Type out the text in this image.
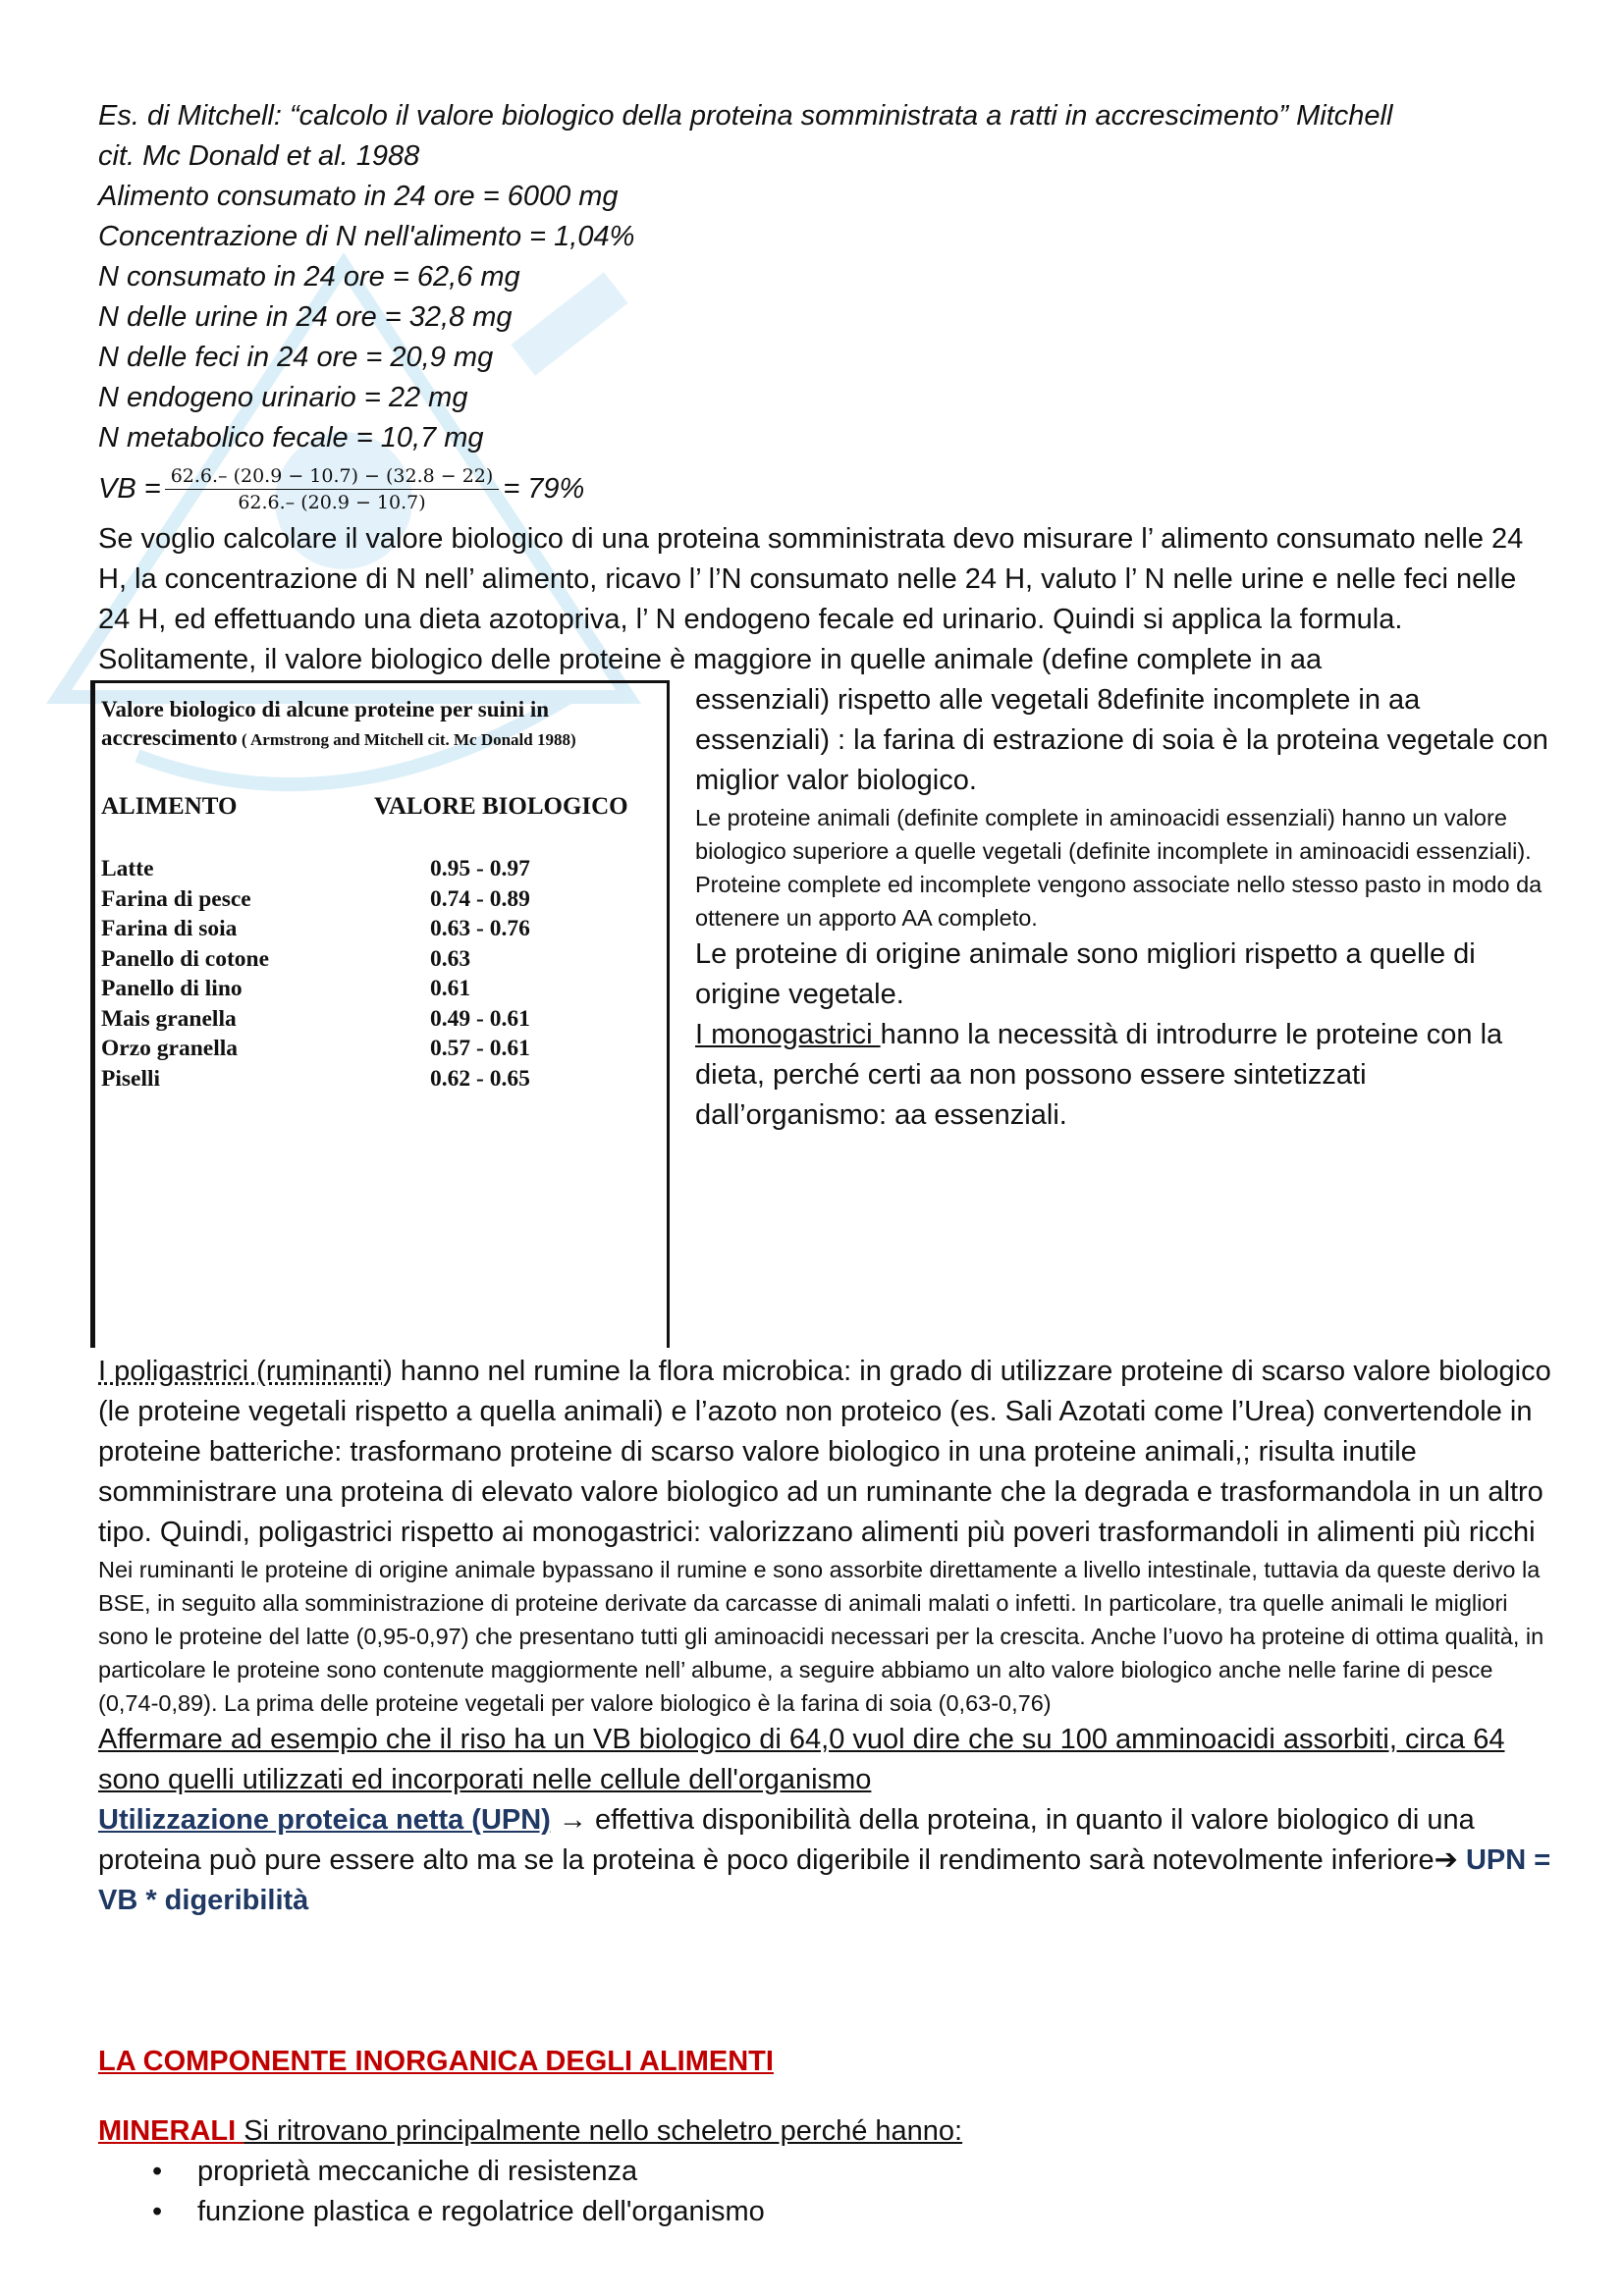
Es. di Mitchell: “calcolo il valore biologico della proteina somministrata a ratti in accrescimento” Mitchell
cit. Mc Donald et al. 1988
Alimento consumato in 24 ore = 6000 mg
Concentrazione di N nell'alimento = 1,04%
N consumato in 24 ore = 62,6 mg
N delle urine in 24 ore = 32,8 mg
N delle feci in 24 ore = 20,9 mg
N endogeno urinario = 22 mg
N metabolico fecale = 10,7 mg
VB = $\frac{62.6.- (20.9 - 10.7) - (32.8 - 22)}{62.6.- (20.9 - 10.7)} = 79\%$

Se voglio calcolare il valore biologico di una proteina somministrata devo misurare l’ alimento consumato nelle 24 H, la concentrazione di N nell’ alimento, ricavo l’ l’N consumato nelle 24 H, valuto l’ N nelle urine e nelle feci nelle 24 H, ed effettuando una dieta azotopriva, l’ N endogeno fecale ed urinario. Quindi si applica la formula.

Solitamente, il valore biologico delle proteine è maggiore in quelle animale (define complete in aa

Valore biologico di alcune proteine per suini in accrescimento ( Armstrong and Mitchell cit. Mc Donald 1988)
ALIMENTO	VALORE BIOLOGICO
Latte	0.95 - 0.97
Farina di pesce	0.74 - 0.89
Farina di soia	0.63 - 0.76
Panello di cotone	0.63
Panello di lino	0.61
Mais granella	0.49 - 0.61
Orzo granella	0.57 - 0.61
Piselli	0.62 - 0.65

essenziali) rispetto alle vegetali 8definite incomplete in aa essenziali) : la farina di estrazione di soia è la proteina vegetale con miglior valor biologico.

Le proteine animali (definite complete in aminoacidi essenziali) hanno un valore biologico superiore a quelle vegetali (definite incomplete in aminoacidi essenziali).

Proteine complete ed incomplete vengono associate nello stesso pasto in modo da ottenere un apporto AA completo.

Le proteine di origine animale sono migliori rispetto a quelle di origine vegetale.

I monogastrici hanno la necessità di introdurre le proteine con la dieta, perché certi aa non possono essere sintetizzati dall’organismo: aa essenziali.

I poligastrici (ruminanti) hanno nel rumine la flora microbica: in grado di utilizzare proteine di scarso valore biologico (le proteine vegetali rispetto a quella animali) e l’azoto non proteico (es. Sali Azotati come l’Urea) convertendole in proteine batteriche: trasformano proteine di scarso valore biologico in una proteine animali,; risulta inutile somministrare una proteina di elevato valore biologico ad un ruminante che la degrada e trasformandola in un altro tipo. Quindi, poligastrici rispetto ai monogastrici: valorizzano alimenti più poveri trasformandoli in alimenti più ricchi

Nei ruminanti le proteine di origine animale bypassano il rumine e sono assorbite direttamente a livello intestinale, tuttavia da queste derivo la BSE, in seguito alla somministrazione di proteine derivate da carcasse di animali malati o infetti. In particolare, tra quelle animali le migliori sono le proteine del latte (0,95-0,97) che presentano tutti gli aminoacidi necessari per la crescita. Anche l’uovo ha proteine di ottima qualità, in particolare le proteine sono contenute maggiormente nell’ albume, a seguire abbiamo un alto valore biologico anche nelle farine di pesce (0,74-0,89). La prima delle proteine vegetali per valore biologico è la farina di soia (0,63-0,76)

Affermare ad esempio che il riso ha un VB biologico di 64,0 vuol dire che su 100 amminoacidi assorbiti, circa 64 sono quelli utilizzati ed incorporati nelle cellule dell'organismo

Utilizzazione proteica netta (UPN) → effettiva disponibilità della proteina, in quanto il valore biologico di una proteina può pure essere alto ma se la proteina è poco digeribile il rendimento sarà notevolmente inferiore➔ UPN = VB * digeribilità

LA COMPONENTE INORGANICA DEGLI ALIMENTI
MINERALI Si ritrovano principalmente nello scheletro perché hanno:
• proprietà meccaniche di resistenza
• funzione plastica e regolatrice dell'organismo
